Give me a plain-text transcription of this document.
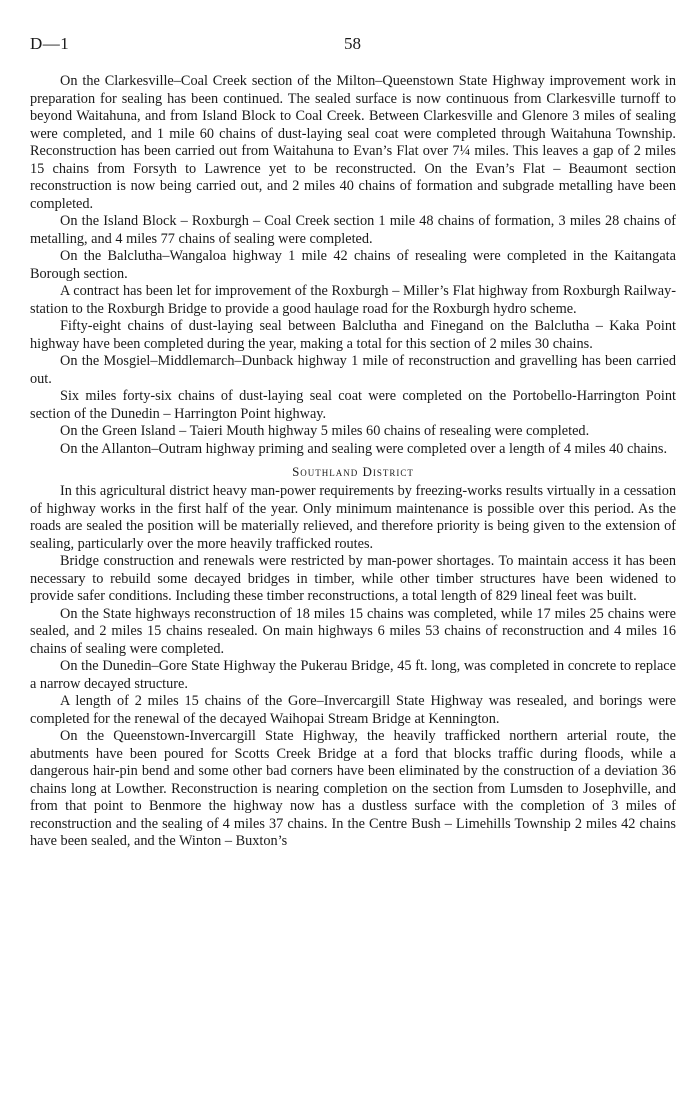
D—1	58

On the Clarkesville–Coal Creek section of the Milton–Queenstown State Highway improvement work in preparation for sealing has been continued. The sealed surface is now continuous from Clarkesville turnoff to beyond Waitahuna, and from Island Block to Coal Creek. Between Clarkesville and Glenore 3 miles of sealing were completed, and 1 mile 60 chains of dust-laying seal coat were completed through Waitahuna Township. Reconstruction has been carried out from Waitahuna to Evan’s Flat over 7¼ miles. This leaves a gap of 2 miles 15 chains from Forsyth to Lawrence yet to be reconstructed. On the Evan’s Flat – Beaumont section reconstruction is now being carried out, and 2 miles 40 chains of formation and subgrade metalling have been completed.

On the Island Block – Roxburgh – Coal Creek section 1 mile 48 chains of formation, 3 miles 28 chains of metalling, and 4 miles 77 chains of sealing were completed.

On the Balclutha–Wangaloa highway 1 mile 42 chains of resealing were completed in the Kaitangata Borough section.

A contract has been let for improvement of the Roxburgh – Miller’s Flat highway from Roxburgh Railway-station to the Roxburgh Bridge to provide a good haulage road for the Roxburgh hydro scheme.

Fifty-eight chains of dust-laying seal between Balclutha and Finegand on the Balclutha – Kaka Point highway have been completed during the year, making a total for this section of 2 miles 30 chains.

On the Mosgiel–Middlemarch–Dunback highway 1 mile of reconstruction and gravelling has been carried out.

Six miles forty-six chains of dust-laying seal coat were completed on the Portobello-Harrington Point section of the Dunedin – Harrington Point highway.

On the Green Island – Taieri Mouth highway 5 miles 60 chains of resealing were completed.

On the Allanton–Outram highway priming and sealing were completed over a length of 4 miles 40 chains.

Southland District

In this agricultural district heavy man-power requirements by freezing-works results virtually in a cessation of highway works in the first half of the year. Only minimum maintenance is possible over this period. As the roads are sealed the position will be materially relieved, and therefore priority is being given to the extension of sealing, particularly over the more heavily trafficked routes.

Bridge construction and renewals were restricted by man-power shortages. To maintain access it has been necessary to rebuild some decayed bridges in timber, while other timber structures have been widened to provide safer conditions. Including these timber reconstructions, a total length of 829 lineal feet was built.

On the State highways reconstruction of 18 miles 15 chains was completed, while 17 miles 25 chains were sealed, and 2 miles 15 chains resealed. On main highways 6 miles 53 chains of reconstruction and 4 miles 16 chains of sealing were completed.

On the Dunedin–Gore State Highway the Pukerau Bridge, 45 ft. long, was completed in concrete to replace a narrow decayed structure.

A length of 2 miles 15 chains of the Gore–Invercargill State Highway was resealed, and borings were completed for the renewal of the decayed Waihopai Stream Bridge at Kennington.

On the Queenstown-Invercargill State Highway, the heavily trafficked northern arterial route, the abutments have been poured for Scotts Creek Bridge at a ford that blocks traffic during floods, while a dangerous hair-pin bend and some other bad corners have been eliminated by the construction of a deviation 36 chains long at Lowther. Reconstruction is nearing completion on the section from Lumsden to Josephville, and from that point to Benmore the highway now has a dustless surface with the completion of 3 miles of reconstruction and the sealing of 4 miles 37 chains. In the Centre Bush – Limehills Township 2 miles 42 chains have been sealed, and the Winton – Buxton’s
